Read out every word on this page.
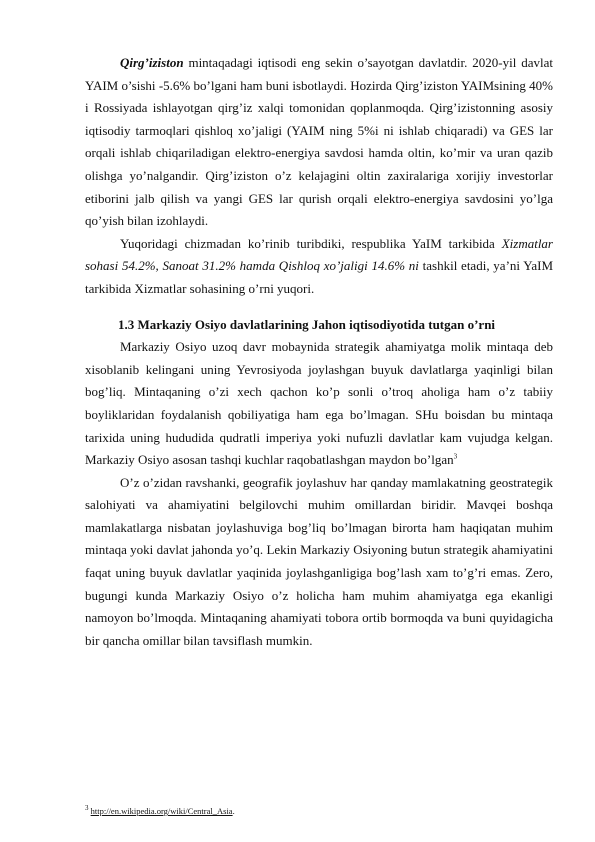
Qirg’iziston mintaqadagi iqtisodi eng sekin o’sayotgan davlatdir. 2020-yil davlat YAIM o’sishi -5.6% bo’lgani ham buni isbotlaydi. Hozirda Qirg’iziston YAIMsining 40% i Rossiyada ishlayotgan qirg’iz xalqi tomonidan qoplanmoqda. Qirg’izistonning asosiy iqtisodiy tarmoqlari qishloq xo’jaligi (YAIM ning 5%i ni ishlab chiqaradi) va GES lar orqali ishlab chiqariladigan elektro-energiya savdosi hamda oltin, ko’mir va uran qazib olishga yo’nalgandir. Qirg’iziston o’z kelajagini oltin zaxiralariga xorijiy investorlar etiborini jalb qilish va yangi GES lar qurish orqali elektro-energiya savdosini yo’lga qo’yish bilan izohlaydi.

Yuqoridagi chizmadan ko’rinib turibdiki, respublika YaIM tarkibida Xizmatlar sohasi 54.2%, Sanoat 31.2% hamda Qishloq xo’jaligi 14.6% ni tashkil etadi, ya’ni YaIM tarkibida Xizmatlar sohasining o’rni yuqori.

1.3 Markaziy Osiyo davlatlarining Jahon iqtisodiyotida tutgan o’rni

Markaziy Osiyo uzoq davr mobaynida strategik ahamiyatga molik mintaqa deb xisoblanib kelingani uning Yevrosiyoda joylashgan buyuk davlatlarga yaqinligi bilan bog’liq. Mintaqaning o’zi xech qachon ko’p sonli o’troq aholiga ham o’z tabiiy boyliklaridan foydalanish qobiliyatiga ham ega bo’lmagan. SHu boisdan bu mintaqa tarixida uning hududida qudratli imperiya yoki nufuzli davlatlar kam vujudga kelgan. Markaziy Osiyo asosan tashqi kuchlar raqobatlashgan maydon bo’lgan$^3$

O’z o’zidan ravshanki, geografik joylashuv har qanday mamlakatning geostrategik salohiyati va ahamiyatini belgilovchi muhim omillardan biridir. Mavqei boshqa mamlakatlarga nisbatan joylashuviga bog’liq bo’lmagan birorta ham haqiqatan muhim mintaqa yoki davlat jahonda yo’q. Lekin Markaziy Osiyoning butun strategik ahamiyatini faqat uning buyuk davlatlar yaqinida joylashganligiga bog’lash xam to’g’ri emas. Zero, bugungi kunda Markaziy Osiyo o’z holicha ham muhim ahamiyatga ega ekanligi namoyon bo’lmoqda. Mintaqaning ahamiyati tobora ortib bormoqda va buni quyidagicha bir qancha omillar bilan tavsiflash mumkin.

$^3$ http://en.wikipedia.org/wiki/Central_Asia.
